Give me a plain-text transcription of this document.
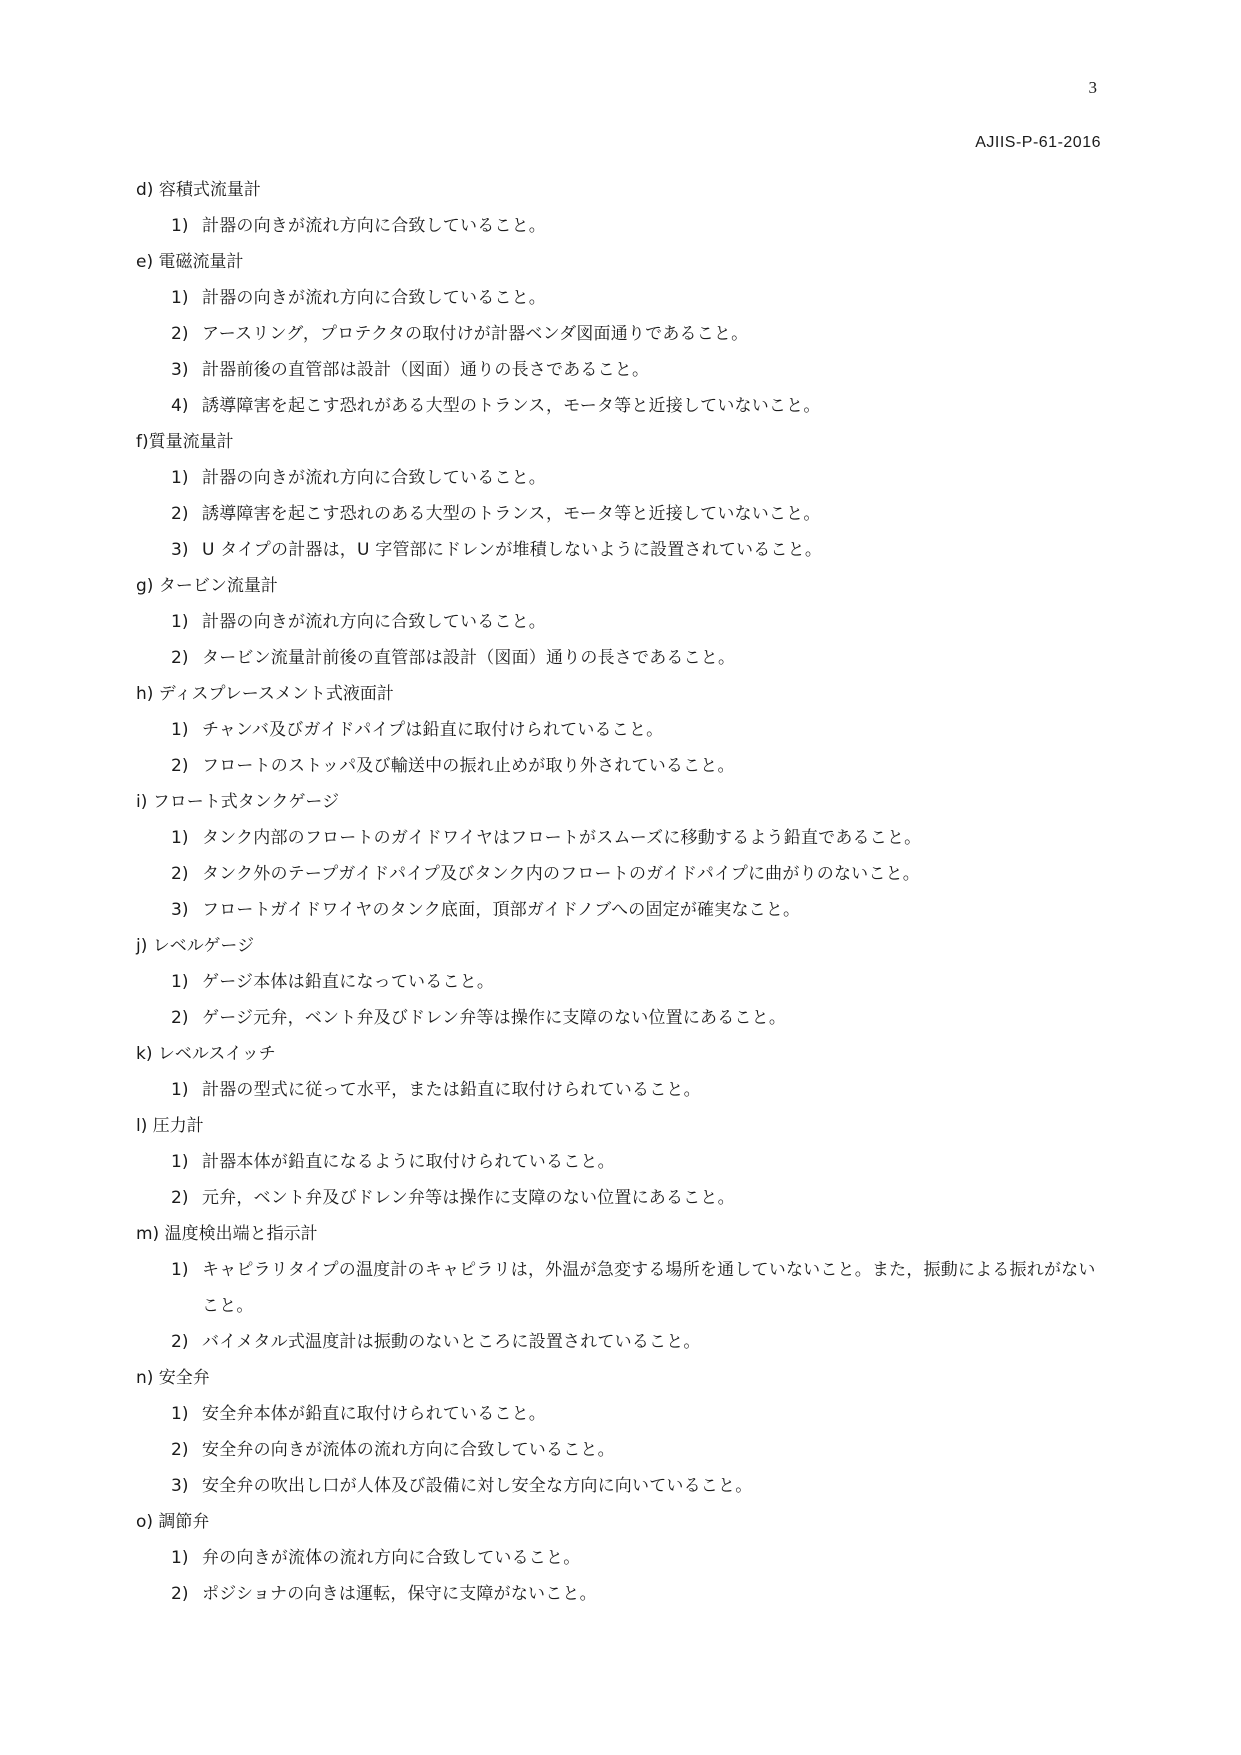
3
AJIIS-P-61-2016
d) 容積式流量計
1) 計器の向きが流れ方向に合致していること。
e) 電磁流量計
1) 計器の向きが流れ方向に合致していること。
2) アースリング，プロテクタの取付けが計器ベンダ図面通りであること。
3) 計器前後の直管部は設計（図面）通りの長さであること。
4) 誘導障害を起こす恐れがある大型のトランス，モータ等と近接していないこと。
f)質量流量計
1) 計器の向きが流れ方向に合致していること。
2) 誘導障害を起こす恐れのある大型のトランス，モータ等と近接していないこと。
3) U タイプの計器は，U 字管部にドレンが堆積しないように設置されていること。
g) タービン流量計
1) 計器の向きが流れ方向に合致していること。
2) タービン流量計前後の直管部は設計（図面）通りの長さであること。
h) ディスプレースメント式液面計
1) チャンバ及びガイドパイプは鉛直に取付けられていること。
2) フロートのストッパ及び輸送中の振れ止めが取り外されていること。
i) フロート式タンクゲージ
1) タンク内部のフロートのガイドワイヤはフロートがスムーズに移動するよう鉛直であること。
2) タンク外のテープガイドパイプ及びタンク内のフロートのガイドパイプに曲がりのないこと。
3) フロートガイドワイヤのタンク底面，頂部ガイドノブへの固定が確実なこと。
j) レベルゲージ
1) ゲージ本体は鉛直になっていること。
2) ゲージ元弁，ベント弁及びドレン弁等は操作に支障のない位置にあること。
k) レベルスイッチ
1) 計器の型式に従って水平，または鉛直に取付けられていること。
l) 圧力計
1) 計器本体が鉛直になるように取付けられていること。
2) 元弁，ベント弁及びドレン弁等は操作に支障のない位置にあること。
m) 温度検出端と指示計
1) キャピラリタイプの温度計のキャピラリは，外温が急変する場所を通していないこと。また，振動による振れがないこと。
2) バイメタル式温度計は振動のないところに設置されていること。
n) 安全弁
1) 安全弁本体が鉛直に取付けられていること。
2) 安全弁の向きが流体の流れ方向に合致していること。
3) 安全弁の吹出し口が人体及び設備に対し安全な方向に向いていること。
o) 調節弁
1) 弁の向きが流体の流れ方向に合致していること。
2) ポジショナの向きは運転，保守に支障がないこと。
